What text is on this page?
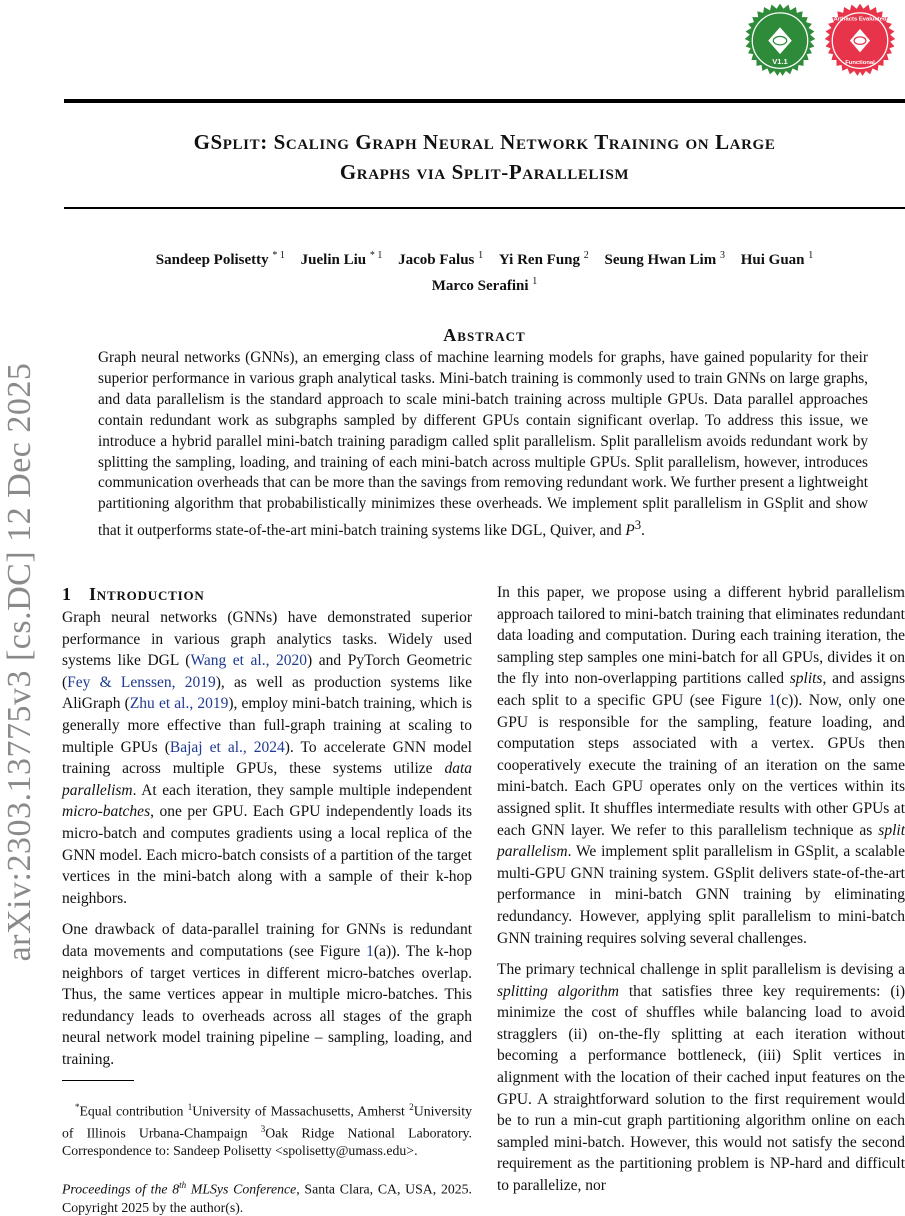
V1.1
Artifacts Evaluated
Functional
GSplit: Scaling Graph Neural Network Training on Large
Graphs via Split-Parallelism
Sandeep Polisetty $^{* 1}$ Juelin Liu $^{* 1}$ Jacob Falus $^1$ Yi Ren Fung $^2$ Seung Hwan Lim $^3$ Hui Guan $^1$
Marco Serafini $^1$
arXiv:2303.13775v3 [cs.DC] 12 Dec 2025
Abstract
Graph neural networks (GNNs), an emerging class of machine learning models for graphs, have gained popularity for their superior performance in various graph analytical tasks. Mini-batch training is commonly used to train GNNs on large graphs, and data parallelism is the standard approach to scale mini-batch training across multiple GPUs. Data parallel approaches contain redundant work as subgraphs sampled by different GPUs contain significant overlap. To address this issue, we introduce a hybrid parallel mini-batch training paradigm called split parallelism. Split parallelism avoids redundant work by splitting the sampling, loading, and training of each mini-batch across multiple GPUs. Split parallelism, however, introduces communication overheads that can be more than the savings from removing redundant work. We further present a lightweight partitioning algorithm that probabilistically minimizes these overheads. We implement split parallelism in GSplit and show that it outperforms state-of-the-art mini-batch training systems like DGL, Quiver, and $P^3$.
1 Introduction

Graph neural networks (GNNs) have demonstrated superior performance in various graph analytics tasks. Widely used systems like DGL (Wang et al., 2020) and PyTorch Geometric (Fey & Lenssen, 2019), as well as production systems like AliGraph (Zhu et al., 2019), employ mini-batch training, which is generally more effective than full-graph training at scaling to multiple GPUs (Bajaj et al., 2024). To accelerate GNN model training across multiple GPUs, these systems utilize data parallelism. At each iteration, they sample multiple independent micro-batches, one per GPU. Each GPU independently loads its micro-batch and computes gradients using a local replica of the GNN model. Each micro-batch consists of a partition of the target vertices in the mini-batch along with a sample of their k-hop neighbors.

One drawback of data-parallel training for GNNs is redundant data movements and computations (see Figure 1(a)). The k-hop neighbors of target vertices in different micro-batches overlap. Thus, the same vertices appear in multiple micro-batches. This redundancy leads to overheads across all stages of the graph neural network model training pipeline – sampling, loading, and training.

*Equal contribution $^1$University of Massachusetts, Amherst $^2$University of Illinois Urbana-Champaign $^3$Oak Ridge National Laboratory. Correspondence to: Sandeep Polisetty <spolisetty@umass.edu>.
Proceedings of the 8th MLSys Conference, Santa Clara, CA, USA, 2025. Copyright 2025 by the author(s).

In this paper, we propose using a different hybrid parallelism approach tailored to mini-batch training that eliminates redundant data loading and computation. During each training iteration, the sampling step samples one mini-batch for all GPUs, divides it on the fly into non-overlapping partitions called splits, and assigns each split to a specific GPU (see Figure 1(c)). Now, only one GPU is responsible for the sampling, feature loading, and computation steps associated with a vertex. GPUs then cooperatively execute the training of an iteration on the same mini-batch. Each GPU operates only on the vertices within its assigned split. It shuffles intermediate results with other GPUs at each GNN layer. We refer to this parallelism technique as split parallelism. We implement split parallelism in GSplit, a scalable multi-GPU GNN training system. GSplit delivers state-of-the-art performance in mini-batch GNN training by eliminating redundancy. However, applying split parallelism to mini-batch GNN training requires solving several challenges.

The primary technical challenge in split parallelism is devising a splitting algorithm that satisfies three key requirements: (i) minimize the cost of shuffles while balancing load to avoid stragglers (ii) on-the-fly splitting at each iteration without becoming a performance bottleneck, (iii) Split vertices in alignment with the location of their cached input features on the GPU. A straightforward solution to the first requirement would be to run a min-cut graph partitioning algorithm online on each sampled mini-batch. However, this would not satisfy the second requirement as the partitioning problem is NP-hard and difficult to parallelize, nor
